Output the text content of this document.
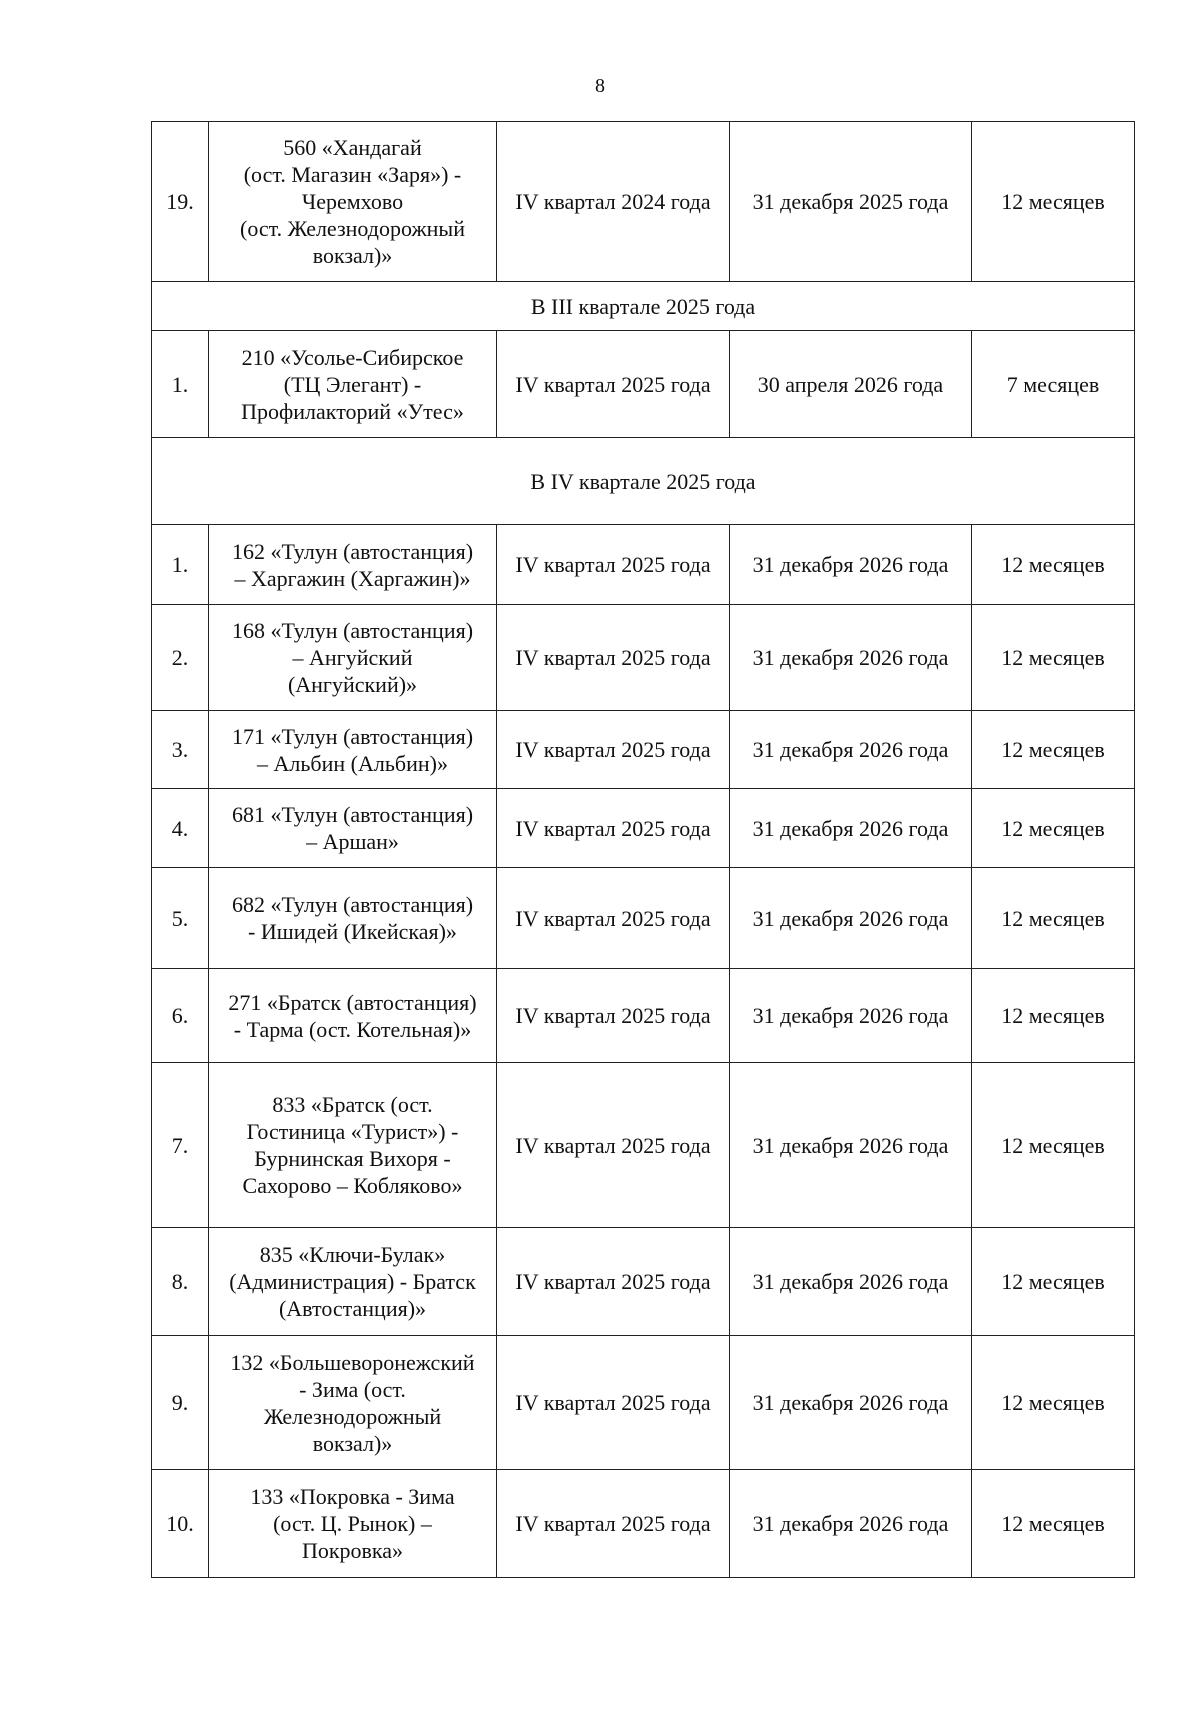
8
19.	560 «Хандагай
(ост. Магазин «Заря») -
Черемхово
(ост. Железнодорожный
вокзал)»	IV квартал 2024 года	31 декабря 2025 года	12 месяцев
В III квартале 2025 года				
1.	210 «Усолье-Сибирское
(ТЦ Элегант) -
Профилакторий «Утес»	IV квартал 2025 года	30 апреля 2026 года	7 месяцев
В IV квартале 2025 года				
1.	162 «Тулун (автостанция)
– Харгажин (Харгажин)»	IV квартал 2025 года	31 декабря 2026 года	12 месяцев
2.	168 «Тулун (автостанция)
– Ангуйский
(Ангуйский)»	IV квартал 2025 года	31 декабря 2026 года	12 месяцев
3.	171 «Тулун (автостанция)
– Альбин (Альбин)»	IV квартал 2025 года	31 декабря 2026 года	12 месяцев
4.	681 «Тулун (автостанция)
– Аршан»	IV квартал 2025 года	31 декабря 2026 года	12 месяцев
5.	682 «Тулун (автостанция)
- Ишидей (Икейская)»	IV квартал 2025 года	31 декабря 2026 года	12 месяцев
6.	271 «Братск (автостанция)
- Тарма (ост. Котельная)»	IV квартал 2025 года	31 декабря 2026 года	12 месяцев
7.	833 «Братск (ост.
Гостиница «Турист») -
Бурнинская Вихоря -
Сахорово – Кобляково»	IV квартал 2025 года	31 декабря 2026 года	12 месяцев
8.	835 «Ключи-Булак»
(Администрация) - Братск
(Автостанция)»	IV квартал 2025 года	31 декабря 2026 года	12 месяцев
9.	132 «Большеворонежский
- Зима (ост.
Железнодорожный
вокзал)»	IV квартал 2025 года	31 декабря 2026 года	12 месяцев
10.	133 «Покровка - Зима
(ост. Ц. Рынок) –
Покровка»	IV квартал 2025 года	31 декабря 2026 года	12 месяцев
